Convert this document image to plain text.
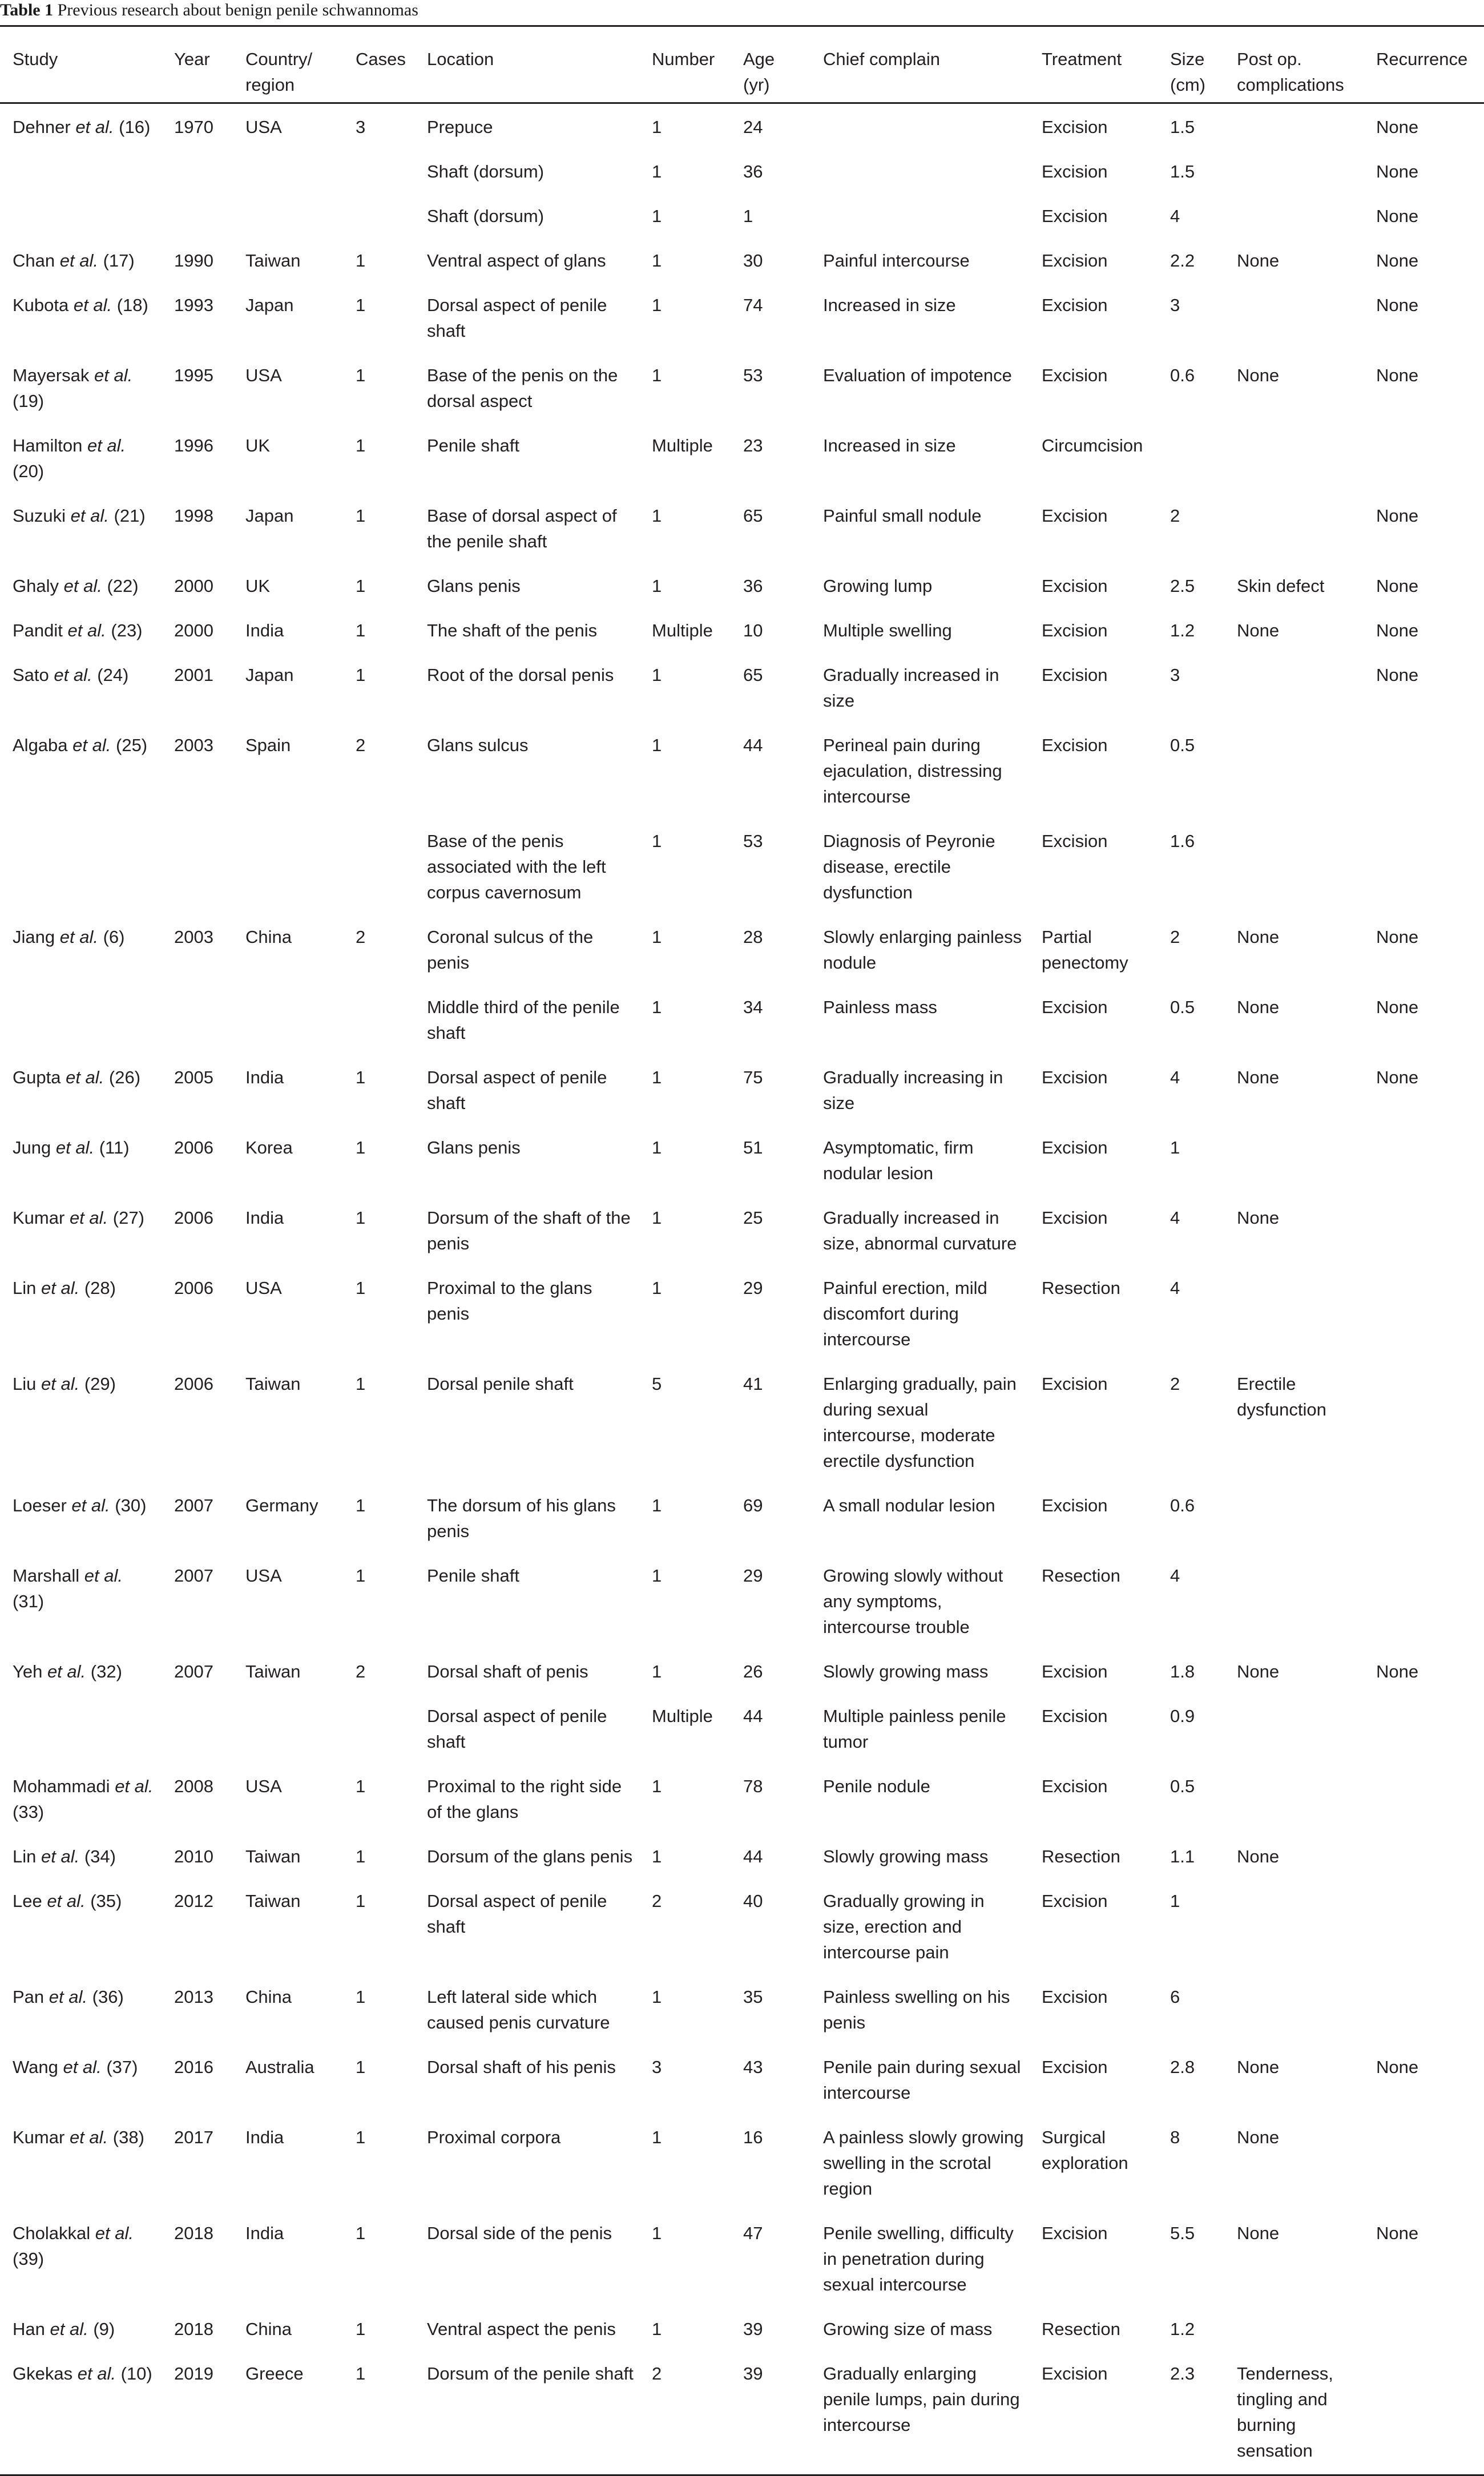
Table 1 Previous research about benign penile schwannomas
Study	Year	Country/ region	Cases	Location	Number	Age (yr)	Chief complain	Treatment	Size (cm)	Post op. complications	Recurrence
Dehner et al. (16)	1970	USA	3	Prepuce	1	24		Excision	1.5		None
				Shaft (dorsum)	1	36		Excision	1.5		None
				Shaft (dorsum)	1	1		Excision	4		None
Chan et al. (17)	1990	Taiwan	1	Ventral aspect of glans	1	30	Painful intercourse	Excision	2.2	None	None
Kubota et al. (18)	1993	Japan	1	Dorsal aspect of penile shaft	1	74	Increased in size	Excision	3		None
Mayersak et al. (19)	1995	USA	1	Base of the penis on the dorsal aspect	1	53	Evaluation of impotence	Excision	0.6	None	None
Hamilton et al. (20)	1996	UK	1	Penile shaft	Multiple	23	Increased in size	Circumcision			
Suzuki et al. (21)	1998	Japan	1	Base of dorsal aspect of the penile shaft	1	65	Painful small nodule	Excision	2		None
Ghaly et al. (22)	2000	UK	1	Glans penis	1	36	Growing lump	Excision	2.5	Skin defect	None
Pandit et al. (23)	2000	India	1	The shaft of the penis	Multiple	10	Multiple swelling	Excision	1.2	None	None
Sato et al. (24)	2001	Japan	1	Root of the dorsal penis	1	65	Gradually increased in size	Excision	3		None
Algaba et al. (25)	2003	Spain	2	Glans sulcus	1	44	Perineal pain during ejaculation, distressing intercourse	Excision	0.5		
				Base of the penis associated with the left corpus cavernosum	1	53	Diagnosis of Peyronie disease, erectile dysfunction	Excision	1.6		
Jiang et al. (6)	2003	China	2	Coronal sulcus of the penis	1	28	Slowly enlarging painless nodule	Partial penectomy	2	None	None
				Middle third of the penile shaft	1	34	Painless mass	Excision	0.5	None	None
Gupta et al. (26)	2005	India	1	Dorsal aspect of penile shaft	1	75	Gradually increasing in size	Excision	4	None	None
Jung et al. (11)	2006	Korea	1	Glans penis	1	51	Asymptomatic, firm nodular lesion	Excision	1		
Kumar et al. (27)	2006	India	1	Dorsum of the shaft of the penis	1	25	Gradually increased in size, abnormal curvature	Excision	4	None	
Lin et al. (28)	2006	USA	1	Proximal to the glans penis	1	29	Painful erection, mild discomfort during intercourse	Resection	4		
Liu et al. (29)	2006	Taiwan	1	Dorsal penile shaft	5	41	Enlarging gradually, pain during sexual intercourse, moderate erectile dysfunction	Excision	2	Erectile dysfunction	
Loeser et al. (30)	2007	Germany	1	The dorsum of his glans penis	1	69	A small nodular lesion	Excision	0.6		
Marshall et al. (31)	2007	USA	1	Penile shaft	1	29	Growing slowly without any symptoms, intercourse trouble	Resection	4		
Yeh et al. (32)	2007	Taiwan	2	Dorsal shaft of penis	1	26	Slowly growing mass	Excision	1.8	None	None
				Dorsal aspect of penile shaft	Multiple	44	Multiple painless penile tumor	Excision	0.9		
Mohammadi et al. (33)	2008	USA	1	Proximal to the right side of the glans	1	78	Penile nodule	Excision	0.5		
Lin et al. (34)	2010	Taiwan	1	Dorsum of the glans penis	1	44	Slowly growing mass	Resection	1.1	None	
Lee et al. (35)	2012	Taiwan	1	Dorsal aspect of penile shaft	2	40	Gradually growing in size, erection and intercourse pain	Excision	1		
Pan et al. (36)	2013	China	1	Left lateral side which caused penis curvature	1	35	Painless swelling on his penis	Excision	6		
Wang et al. (37)	2016	Australia	1	Dorsal shaft of his penis	3	43	Penile pain during sexual intercourse	Excision	2.8	None	None
Kumar et al. (38)	2017	India	1	Proximal corpora	1	16	A painless slowly growing swelling in the scrotal region	Surgical exploration	8	None	
Cholakkal et al. (39)	2018	India	1	Dorsal side of the penis	1	47	Penile swelling, difficulty in penetration during sexual intercourse	Excision	5.5	None	None
Han et al. (9)	2018	China	1	Ventral aspect the penis	1	39	Growing size of mass	Resection	1.2		
Gkekas et al. (10)	2019	Greece	1	Dorsum of the penile shaft	2	39	Gradually enlarging penile lumps, pain during intercourse	Excision	2.3	Tenderness, tingling and burning sensation	
